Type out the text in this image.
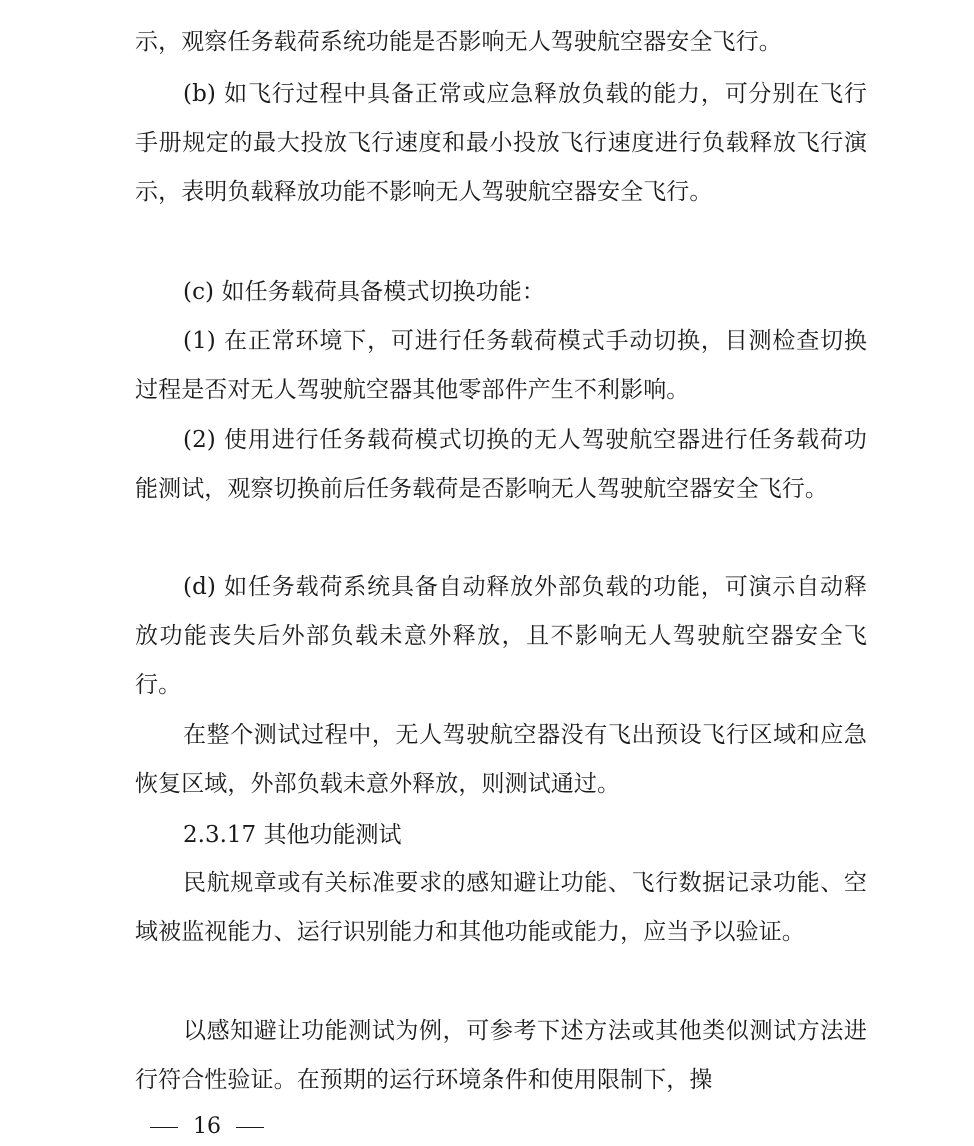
示，观察任务载荷系统功能是否影响无人驾驶航空器安全飞行。

(b) 如飞行过程中具备正常或应急释放负载的能力，可分别在飞行手册规定的最大投放飞行速度和最小投放飞行速度进行负载释放飞行演示，表明负载释放功能不影响无人驾驶航空器安全飞行。

(c) 如任务载荷具备模式切换功能：

(1) 在正常环境下，可进行任务载荷模式手动切换，目测检查切换过程是否对无人驾驶航空器其他零部件产生不利影响。

(2) 使用进行任务载荷模式切换的无人驾驶航空器进行任务载荷功能测试，观察切换前后任务载荷是否影响无人驾驶航空器安全飞行。

(d) 如任务载荷系统具备自动释放外部负载的功能，可演示自动释放功能丧失后外部负载未意外释放，且不影响无人驾驶航空器安全飞行。

在整个测试过程中，无人驾驶航空器没有飞出预设飞行区域和应急恢复区域，外部负载未意外释放，则测试通过。

2.3.17 其他功能测试

民航规章或有关标准要求的感知避让功能、飞行数据记录功能、空域被监视能力、运行识别能力和其他功能或能力，应当予以验证。

以感知避让功能测试为例，可参考下述方法或其他类似测试方法进行符合性验证。在预期的运行环境条件和使用限制下，操

16
